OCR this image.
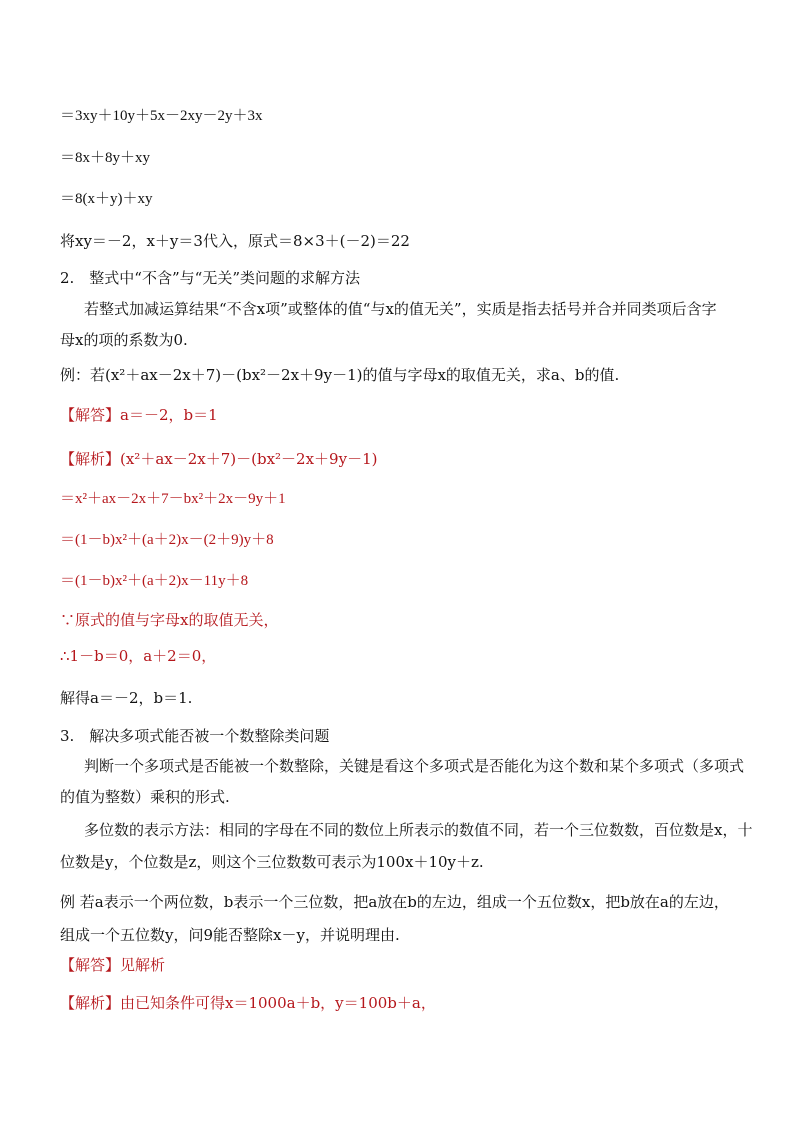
＝3xy＋10y＋5x－2xy－2y＋3x
＝8x＋8y＋xy
＝8(x＋y)＋xy
将xy＝－2，x＋y＝3代入，原式＝8×3＋(－2)＝22
2.　整式中“不含”与“无关”类问题的求解方法
若整式加减运算结果“不含x项”或整体的值“与x的值无关”，实质是指去括号并合并同类项后含字
母x的项的系数为0.
例：若(x²＋ax－2x＋7)－(bx²－2x＋9y－1)的值与字母x的取值无关，求a、b的值.
【解答】a＝－2，b＝1
【解析】(x²＋ax－2x＋7)－(bx²－2x＋9y－1)
＝x²＋ax－2x＋7－bx²＋2x－9y＋1
＝(1－b)x²＋(a＋2)x－(2＋9)y＋8
＝(1－b)x²＋(a＋2)x－11y＋8
∵原式的值与字母x的取值无关，
∴1－b＝0，a＋2＝0，
解得a＝－2，b＝1.
3.　解决多项式能否被一个数整除类问题
判断一个多项式是否能被一个数整除，关键是看这个多项式是否能化为这个数和某个多项式（多项式
的值为整数）乘积的形式.
多位数的表示方法：相同的字母在不同的数位上所表示的数值不同，若一个三位数数，百位数是x，十
位数是y，个位数是z，则这个三位数数可表示为100x＋10y＋z.
例 若a表示一个两位数，b表示一个三位数，把a放在b的左边，组成一个五位数x，把b放在a的左边，
组成一个五位数y，问9能否整除x－y，并说明理由.
【解答】见解析
【解析】由已知条件可得x＝1000a＋b，y＝100b＋a，
